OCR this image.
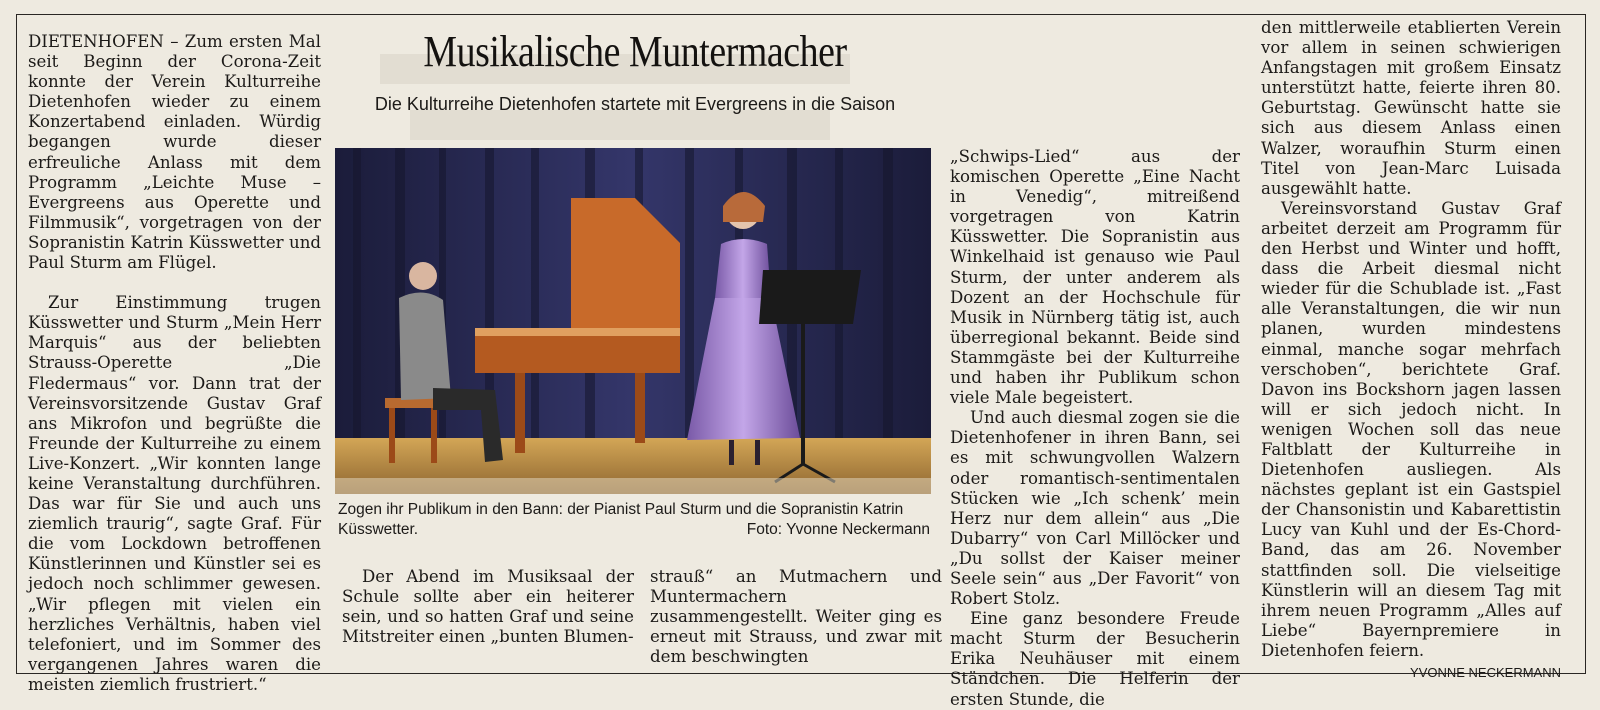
Musikalische Muntermacher
Die Kulturreihe Dietenhofen startete mit Evergreens in die Saison

DIETENHOFEN – Zum ersten Mal seit Beginn der Corona-Zeit konnte der Verein Kulturreihe Dietenhofen wieder zu einem Konzertabend einladen. Würdig begangen wurde dieser erfreuliche Anlass mit dem Programm „Leichte Muse – Evergreens aus Operette und Filmmusik“, vorgetragen von der Sopranistin Katrin Küsswetter und Paul Sturm am Flügel.

Zur Einstimmung trugen Küsswetter und Sturm „Mein Herr Marquis“ aus der beliebten Strauss-Operette „Die Fledermaus“ vor. Dann trat der Vereinsvorsitzende Gustav Graf ans Mikrofon und begrüßte die Freunde der Kulturreihe zu einem Live-Konzert. „Wir konnten lange keine Veranstaltung durchführen. Das war für Sie und auch uns ziemlich traurig“, sagte Graf. Für die vom Lockdown betroffenen Künstlerinnen und Künstler sei es jedoch noch schlimmer gewesen. „Wir pflegen mit vielen ein herzliches Verhältnis, haben viel telefoniert, und im Sommer des vergangenen Jahres waren die meisten ziemlich frustriert.“

Zogen ihr Publikum in den Bann: der Pianist Paul Sturm und die Sopranistin Katrin Küsswetter.	Foto: Yvonne Neckermann

Der Abend im Musiksaal der Schule sollte aber ein heiterer sein, und so hatten Graf und seine Mitstreiter einen „bunten Blumen-

strauß“ an Mutmachern und Muntermachern zusammengestellt. Weiter ging es erneut mit Strauss, und zwar mit dem beschwingten

„Schwips-Lied“ aus der komischen Operette „Eine Nacht in Venedig“, mitreißend vorgetragen von Katrin Küsswetter. Die Sopranistin aus Winkelhaid ist genauso wie Paul Sturm, der unter anderem als Dozent an der Hochschule für Musik in Nürnberg tätig ist, auch überregional bekannt. Beide sind Stammgäste bei der Kulturreihe und haben ihr Publikum schon viele Male begeistert.

Und auch diesmal zogen sie die Dietenhofener in ihren Bann, sei es mit schwungvollen Walzern oder romantisch-sentimentalen Stücken wie „Ich schenk’ mein Herz nur dem allein“ aus „Die Dubarry“ von Carl Millöcker und „Du sollst der Kaiser meiner Seele sein“ aus „Der Favorit“ von Robert Stolz.

Eine ganz besondere Freude macht Sturm der Besucherin Erika Neuhäuser mit einem Ständchen. Die Helferin der ersten Stunde, die

den mittlerweile etablierten Verein vor allem in seinen schwierigen Anfangstagen mit großem Einsatz unterstützt hatte, feierte ihren 80. Geburtstag. Gewünscht hatte sie sich aus diesem Anlass einen Walzer, woraufhin Sturm einen Titel von Jean-Marc Luisada ausgewählt hatte.

Vereinsvorstand Gustav Graf arbeitet derzeit am Programm für den Herbst und Winter und hofft, dass die Arbeit diesmal nicht wieder für die Schublade ist. „Fast alle Veranstaltungen, die wir nun planen, wurden mindestens einmal, manche sogar mehrfach verschoben“, berichtete Graf. Davon ins Bockshorn jagen lassen will er sich jedoch nicht. In wenigen Wochen soll das neue Faltblatt der Kulturreihe in Dietenhofen ausliegen. Als nächstes geplant ist ein Gastspiel der Chansonistin und Kabarettistin Lucy van Kuhl und der Es-Chord-Band, das am 26. November stattfinden soll. Die vielseitige Künstlerin will an diesem Tag mit ihrem neuen Programm „Alles auf Liebe“ Bayernpremiere in Dietenhofen feiern.

YVONNE NECKERMANN
